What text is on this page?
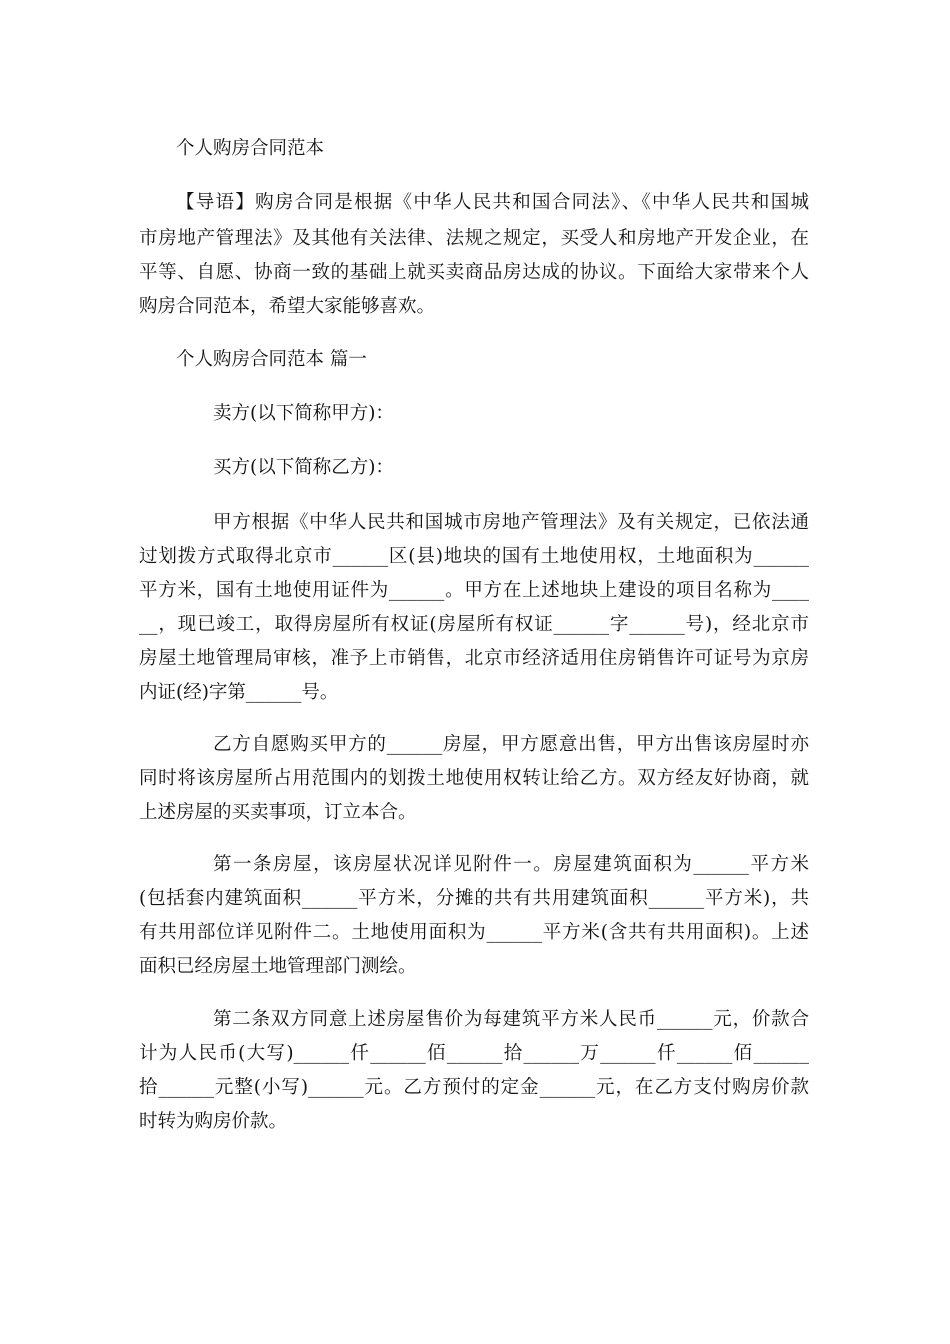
个人购房合同范本

【导语】购房合同是根据《中华人民共和国合同法》、《中华人民共和国城

市房地产管理法》及其他有关法律、法规之规定，买受人和房地产开发企业，在

平等、自愿、协商一致的基础上就买卖商品房达成的协议。下面给大家带来个人

购房合同范本，希望大家能够喜欢。

个人购房合同范本 篇一

卖方(以下简称甲方)：

买方(以下简称乙方)：

甲方根据《中华人民共和国城市房地产管理法》及有关规定，已依法通

过划拨方式取得北京市______区(县)地块的国有土地使用权，土地面积为______

平方米，国有土地使用证件为______。甲方在上述地块上建设的项目名称为____

__，现已竣工，取得房屋所有权证(房屋所有权证______字______号)，经北京市

房屋土地管理局审核，准予上市销售，北京市经济适用住房销售许可证号为京房

内证(经)字第______号。

乙方自愿购买甲方的______房屋，甲方愿意出售，甲方出售该房屋时亦

同时将该房屋所占用范围内的划拨土地使用权转让给乙方。双方经友好协商，就

上述房屋的买卖事项，订立本合。

第一条房屋，该房屋状况详见附件一。房屋建筑面积为______平方米

(包括套内建筑面积______平方米，分摊的共有共用建筑面积______平方米)，共

有共用部位详见附件二。土地使用面积为______平方米(含共有共用面积)。上述

面积已经房屋土地管理部门测绘。

第二条双方同意上述房屋售价为每建筑平方米人民币______元，价款合

计为人民币(大写)______仟______佰______拾______万______仟______佰______

拾______元整(小写)______元。乙方预付的定金______元，在乙方支付购房价款

时转为购房价款。
